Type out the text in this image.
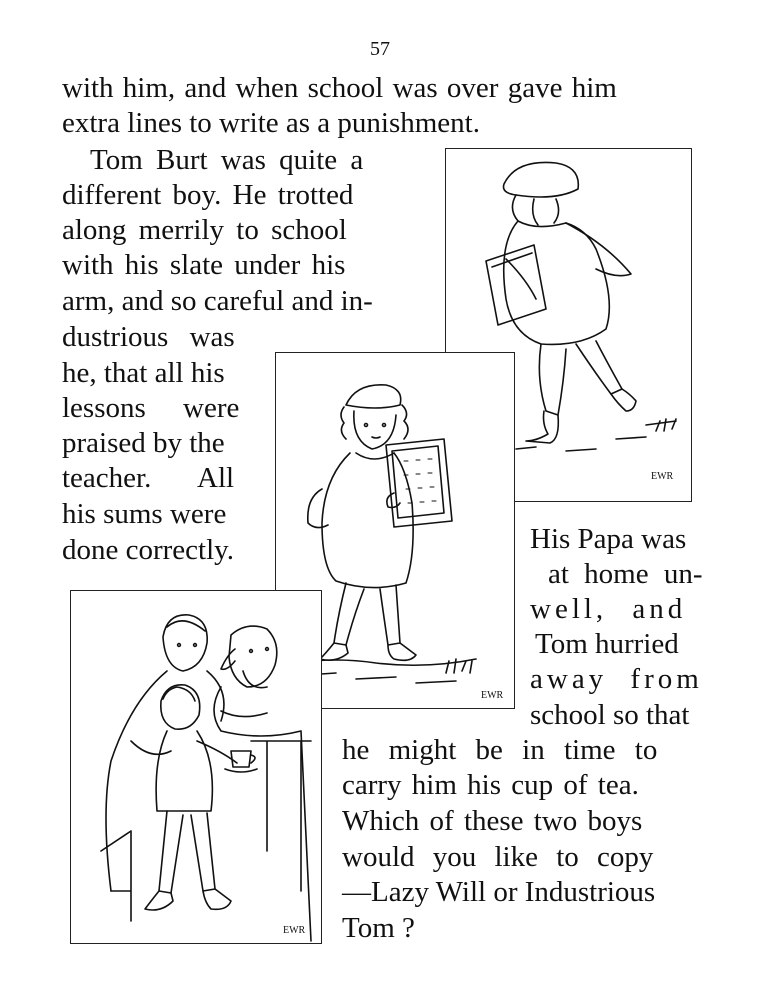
57
with him, and when school was over gave him
extra lines to write as a punishment.
Tom Burt was quite a
different boy. He trotted
along merrily to school
with his slate under his
arm, and so careful and in-
dustrious was
he, that all his
lessons were
praised by the
teacher. All
his sums were
done correctly.	His Papa was
at home un-
well, and
Tom hurried
away from
school so that
he might be in time to
carry him his cup of tea.
Which of these two boys
would you like to copy
—Lazy Will or Industrious
Tom ?
EWR
EWR
EWR
